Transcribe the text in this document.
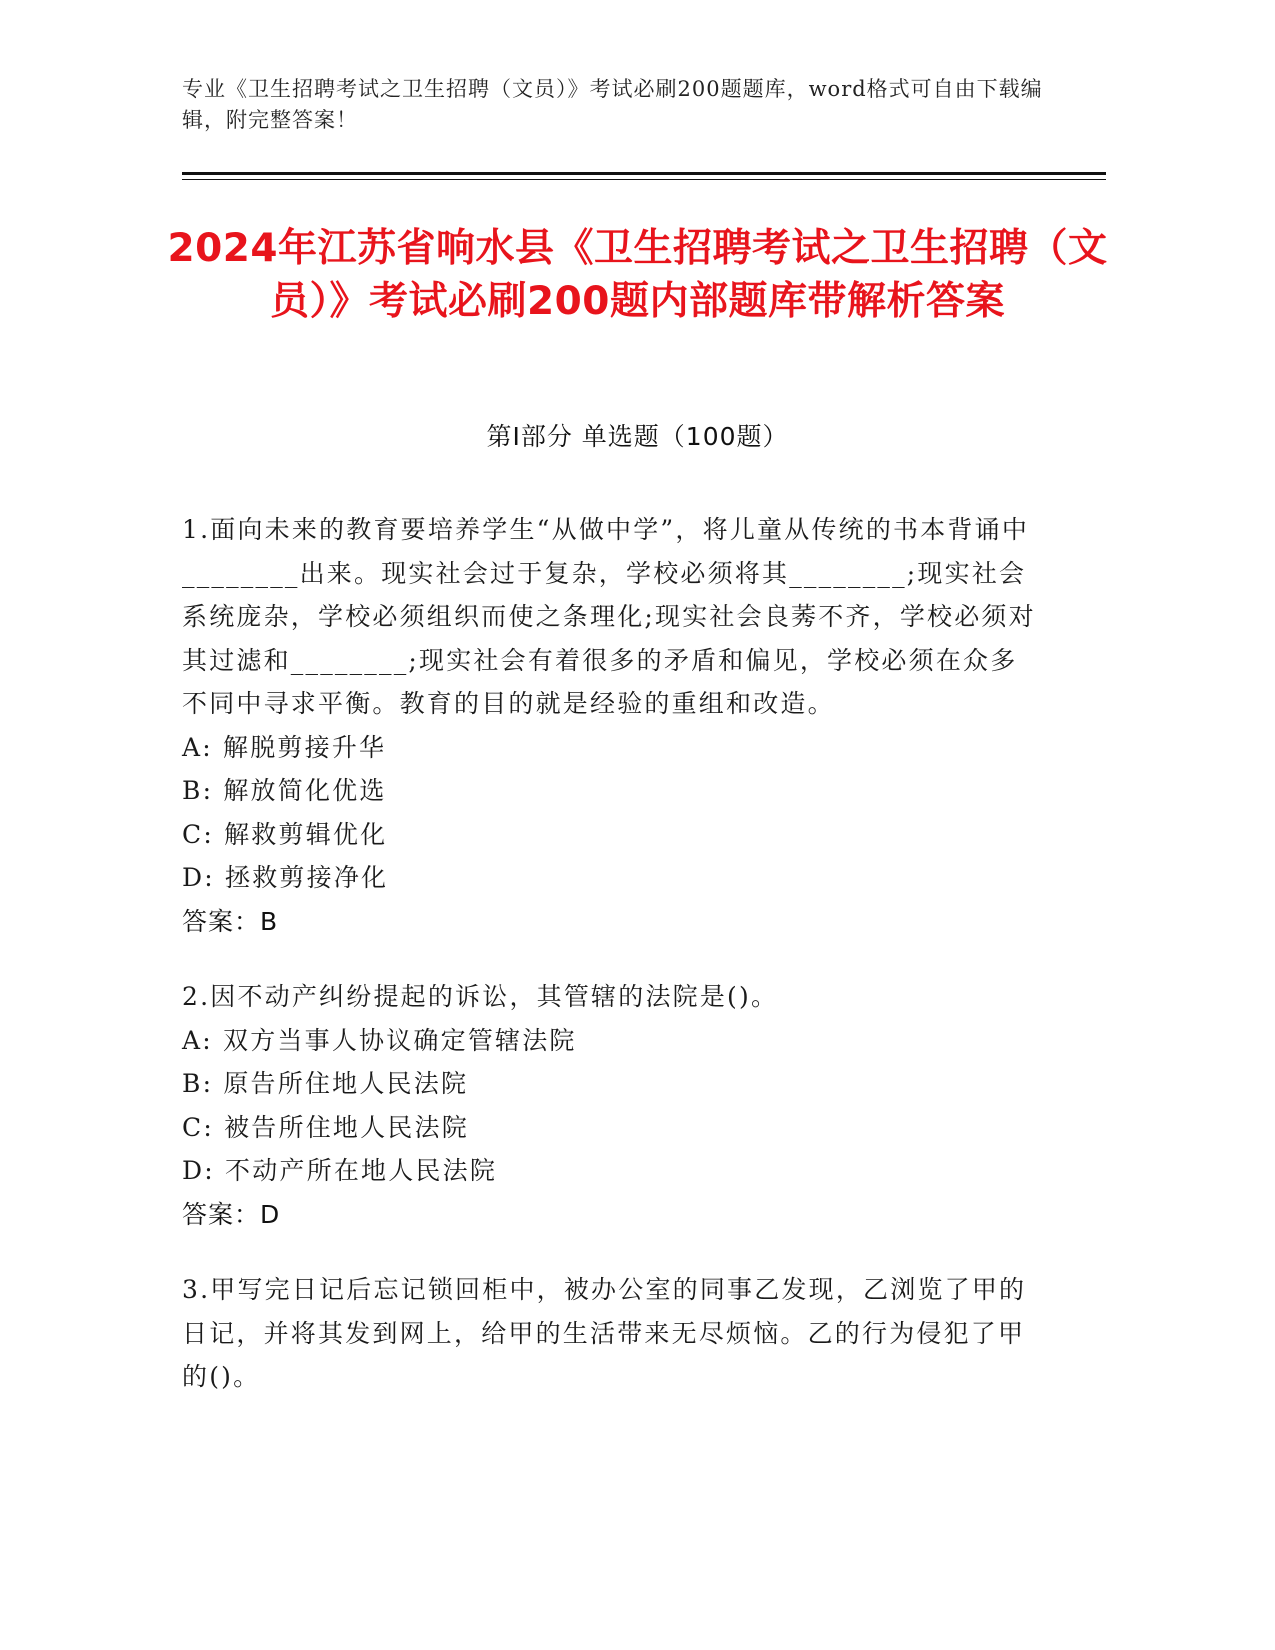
专业《卫生招聘考试之卫生招聘（文员）》考试必刷200题题库，word格式可自由下载编辑，附完整答案！
2024年江苏省响水县《卫生招聘考试之卫生招聘（文员）》考试必刷200题内部题库带解析答案
第I部分 单选题（100题）
1.面向未来的教育要培养学生“从做中学”，将儿童从传统的书本背诵中________出来。现实社会过于复杂，学校必须将其________;现实社会系统庞杂，学校必须组织而使之条理化;现实社会良莠不齐，学校必须对其过滤和________;现实社会有着很多的矛盾和偏见，学校必须在众多不同中寻求平衡。教育的目的就是经验的重组和改造。
A: 解脱剪接升华
B: 解放简化优选
C: 解救剪辑优化
D: 拯救剪接净化
答案：B
2.因不动产纠纷提起的诉讼，其管辖的法院是()。
A: 双方当事人协议确定管辖法院
B: 原告所住地人民法院
C: 被告所住地人民法院
D: 不动产所在地人民法院
答案：D
3.甲写完日记后忘记锁回柜中，被办公室的同事乙发现，乙浏览了甲的日记，并将其发到网上，给甲的生活带来无尽烦恼。乙的行为侵犯了甲的()。
